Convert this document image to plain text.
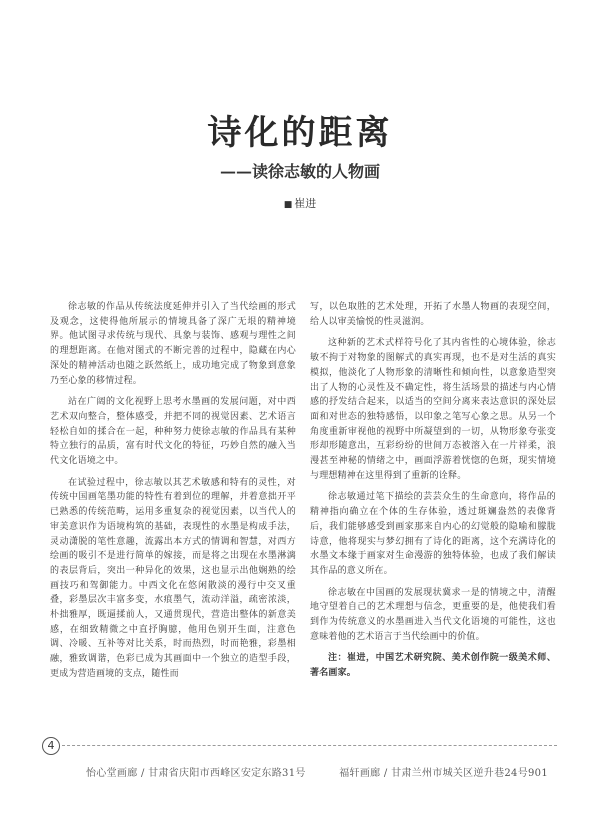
诗化的距离
——读徐志敏的人物画
■ 崔进

徐志敏的作品从传统法度延伸并引入了当代绘画的形式及观念，这使得他所展示的情境具备了深广无垠的精神境界。他试图寻求传统与现代、具象与装饰、感观与理性之间的理想距离。在他对图式的不断完善的过程中，隐藏在内心深处的精神活动也随之跃然纸上，成功地完成了物象到意象乃至心象的移情过程。

站在广阔的文化视野上思考水墨画的发展问题，对中西艺术双向整合，整体感受，并把不同的视觉因素、艺术语言轻松自如的揉合在一起，种种努力使徐志敏的作品具有某种特立独行的品质，富有时代文化的特征，巧妙自然的融入当代文化语境之中。

在试验过程中，徐志敏以其艺术敏感和特有的灵性，对传统中国画笔墨功能的特性有着到位的理解，并着意拙开平已熟悉的传统范畴，运用多重复杂的视觉因素，以当代人的审美意识作为语境构筑的基础，表现性的水墨是构成手法，灵动潇脱的笔性意趣，流露出本方式的情调和智慧，对西方绘画的吸引不是进行简单的嫁接，而是将之出现在水墨淋漓的表层背后，突出一种异化的效果，这也显示出他娴熟的绘画技巧和驾御能力。中西文化在悠闲散淡的漫行中交叉重叠，彩墨层次丰富多变，水痕墨气，流动洋溢，疏密浓淡，朴拙雅厚，既逼揉前人，又通贯现代，营造出整体的新意美感，在细致精微之中直抒胸臆，他用色别开生面，注意色调、冷暖、互补等对比关系，时而热烈，时而艳雅，彩墨相融，雅致调谐，色彩已成为其画面中一个独立的造型手段，更成为营造画境的支点，随性而

写，以色取胜的艺术处理，开拓了水墨人物画的表现空间，给人以审美愉悦的性灵滋润。

这种新的艺术式样符号化了其内省性的心境体验，徐志敏不拘于对物象的图解式的真实再现，也不是对生活的真实模拟，他淡化了人物形象的清晰性和倾向性，以意象造型突出了人物的心灵性及不确定性，将生活场景的描述与内心情感的抒发结合起来，以适当的空间分离来表达意识的深处层面和对世态的独特感悟，以印象之笔写心象之思。从另一个角度重新审视他的视野中所凝望到的一切，从物形象夸张变形却形随意出，互彩纷纷的世间万态被溶入在一片祥柔，浪漫甚至神秘的情绪之中，画面浮游着恍惚的色斑，现实情境与理想精神在这里得到了重新的诠释。

徐志敏通过笔下描绘的芸芸众生的生命意向，将作品的精神指向确立在个体的生存体验，透过斑斓盎然的表像背后，我们能够感受到画家那来自内心的幻觉般的隐喻和朦胧诗意，他将现实与梦幻拥有了诗化的距离，这个充满诗化的水墨文本缘于画家对生命漫游的独特体验，也成了我们解读其作品的意义所在。

徐志敏在中国画的发展现状冀求一是的情境之中，清醒地守望着自己的艺术理想与信念，更重要的是，他使我们看到作为传统意义的水墨画进入当代文化语境的可能性，这也意味着他的艺术语言于当代绘画中的价值。

注：崔进，中国艺术研究院、美术创作院一级美术师、著名画家。

4
怡心堂画廊 / 甘肃省庆阳市西峰区安定东路31号	福轩画廊 / 甘肃兰州市城关区逆升巷24号901
